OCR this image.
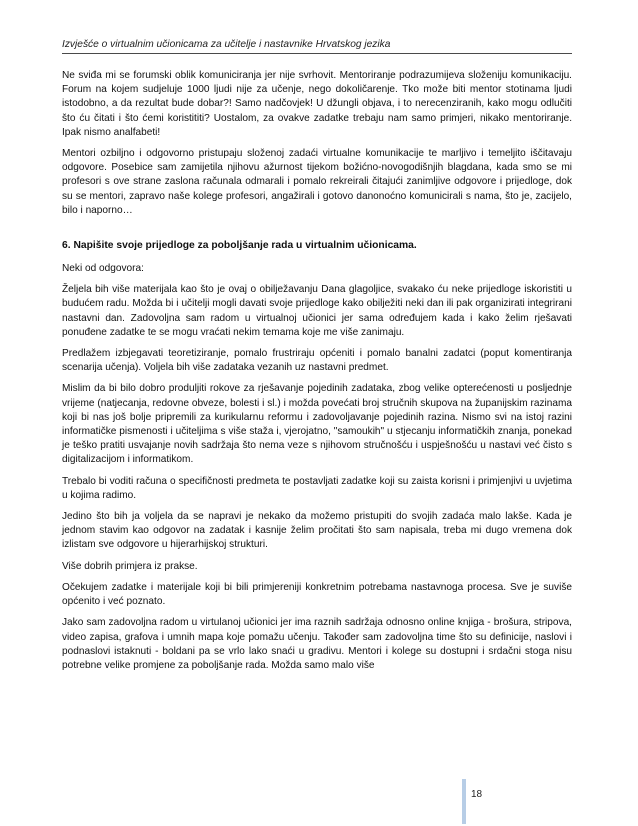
Izvješće o virtualnim učionicama za učitelje i nastavnike Hrvatskog jezika

Ne sviđa mi se forumski oblik komuniciranja jer nije svrhovit. Mentoriranje podrazumijeva složeniju komunikaciju. Forum na kojem sudjeluje 1000 ljudi nije za učenje, nego dokoličarenje. Tko može biti mentor stotinama ljudi istodobno, a da rezultat bude dobar?! Samo nadčovjek! U džungli objava, i to nerecenziranih, kako mogu odlučiti što ću čitati i što ćemi koristititi? Uostalom, za ovakve zadatke trebaju nam samo primjeri, nikako mentoriranje. Ipak nismo analfabeti!

Mentori ozbiljno i odgovorno pristupaju složenoj zadaći virtualne komunikacije te marljivo i temeljito iščitavaju odgovore. Posebice sam zamijetila njihovu ažurnost tijekom božićno-novogodišnjih blagdana, kada smo se mi profesori s ove strane zaslona računala odmarali i pomalo rekreirali čitajući zanimljive odgovore i prijedloge, dok su se mentori, zapravo naše kolege profesori, angažirali i gotovo danonoćno komunicirali s nama, što je, zacijelo, bilo i naporno…

6. Napišite svoje prijedloge za poboljšanje rada u virtualnim učionicama.

Neki od odgovora:

Željela bih više materijala kao što je ovaj o obilježavanju Dana glagoljice, svakako ću neke prijedloge iskoristiti u budućem radu. Možda bi i učitelji mogli davati svoje prijedloge kako obilježiti neki dan ili pak organizirati integrirani nastavni dan. Zadovoljna sam radom u virtualnoj učionici jer sama određujem kada i kako želim rješavati ponuđene zadatke te se mogu vraćati nekim temama koje me više zanimaju.

Predlažem izbjegavati teoretiziranje, pomalo frustriraju općeniti i pomalo banalni zadatci (poput komentiranja scenarija učenja). Voljela bih više zadataka vezanih uz nastavni predmet.

Mislim da bi bilo dobro produljiti rokove za rješavanje pojedinih zadataka, zbog velike opterećenosti u posljednje vrijeme (natjecanja, redovne obveze, bolesti i sl.) i možda povećati broj stručnih skupova na županijskim razinama koji bi nas još bolje pripremili za kurikularnu reformu i zadovoljavanje pojedinih razina. Nismo svi na istoj razini informatičke pismenosti i učiteljima s više staža i, vjerojatno, "samoukih" u stjecanju informatičkih znanja, ponekad je teško pratiti usvajanje novih sadržaja što nema veze s njihovom stručnošću i uspješnošću u nastavi već čisto s digitalizacijom i informatikom.

Trebalo bi voditi računa o specifičnosti predmeta te postavljati zadatke koji su zaista korisni i primjenjivi u uvjetima u kojima radimo.

Jedino što bih ja voljela da se napravi je nekako da možemo pristupiti do svojih zadaća malo lakše. Kada je jednom stavim kao odgovor na zadatak i kasnije želim pročitati što sam napisala, treba mi dugo vremena dok izlistam sve odgovore u hijerarhijskoj strukturi.

Više dobrih primjera iz prakse.

Očekujem zadatke i materijale koji bi bili primjereniji konkretnim potrebama nastavnoga procesa. Sve je suviše općenito i već poznato.

Jako sam zadovoljna radom u virtulanoj učionici jer ima raznih sadržaja odnosno online knjiga - brošura, stripova, video zapisa, grafova i umnih mapa koje pomažu učenju. Također sam zadovoljna time što su definicije, naslovi i podnaslovi istaknuti - boldani pa se vrlo lako snaći u gradivu. Mentori i kolege su dostupni i srdačni stoga nisu potrebne velike promjene za poboljšanje rada. Možda samo malo više

18
